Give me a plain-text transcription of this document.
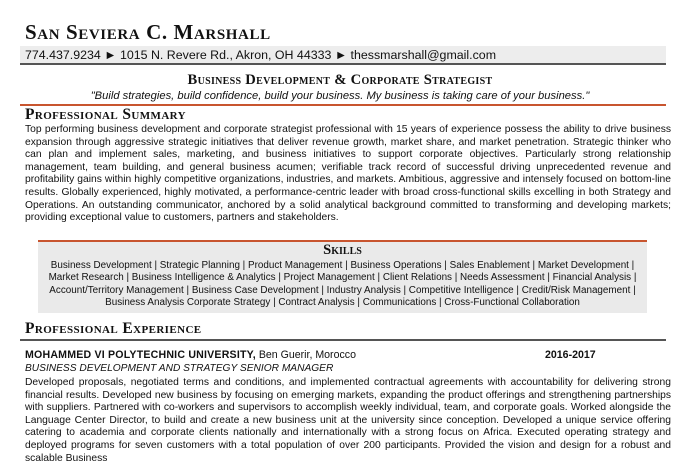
San Seviera C. Marshall
774.437.9234 ► 1015 N. Revere Rd., Akron, OH 44333 ► thessmarshall@gmail.com
Business Development & Corporate Strategist
"Build strategies, build confidence, build your business. My business is taking care of your business."
Professional Summary

Top performing business development and corporate strategist professional with 15 years of experience possess the ability to drive business expansion through aggressive strategic initiatives that deliver revenue growth, market share, and market penetration. Strategic thinker who can plan and implement sales, marketing, and business initiatives to support corporate objectives. Particularly strong relationship management, team building, and general business acumen; verifiable track record of successful driving unprecedented revenue and profitability gains within highly competitive organizations, industries, and markets. Ambitious, aggressive and intensely focused on bottom-line results. Globally experienced, highly motivated, a performance-centric leader with broad cross-functional skills excelling in both Strategy and Operations. An outstanding communicator, anchored by a solid analytical background committed to transforming and developing markets; providing exceptional value to customers, partners and stakeholders.

Skills

Business Development | Strategic Planning | Product Management | Business Operations | Sales Enablement | Market Development | Market Research | Business Intelligence & Analytics | Project Management | Client Relations | Needs Assessment | Financial Analysis | Account/Territory Management | Business Case Development | Industry Analysis | Competitive Intelligence | Credit/Risk Management | Business Analysis Corporate Strategy | Contract Analysis | Communications | Cross-Functional Collaboration

Professional Experience
MOHAMMED VI POLYTECHNIC UNIVERSITY, Ben Guerir, Morocco	2016-2017
BUSINESS DEVELOPMENT AND STRATEGY SENIOR MANAGER

Developed proposals, negotiated terms and conditions, and implemented contractual agreements with accountability for delivering strong financial results. Developed new business by focusing on emerging markets, expanding the product offerings and strengthening partnerships with suppliers. Partnered with co-workers and supervisors to accomplish weekly individual, team, and corporate goals. Worked alongside the Language Center Director, to build and create a new business unit at the university since conception. Developed a unique service offering catering to academia and corporate clients nationally and internationally with a strong focus on Africa. Executed operating strategy and deployed programs for seven customers with a total population of over 200 participants. Provided the vision and design for a robust and scalable Business
